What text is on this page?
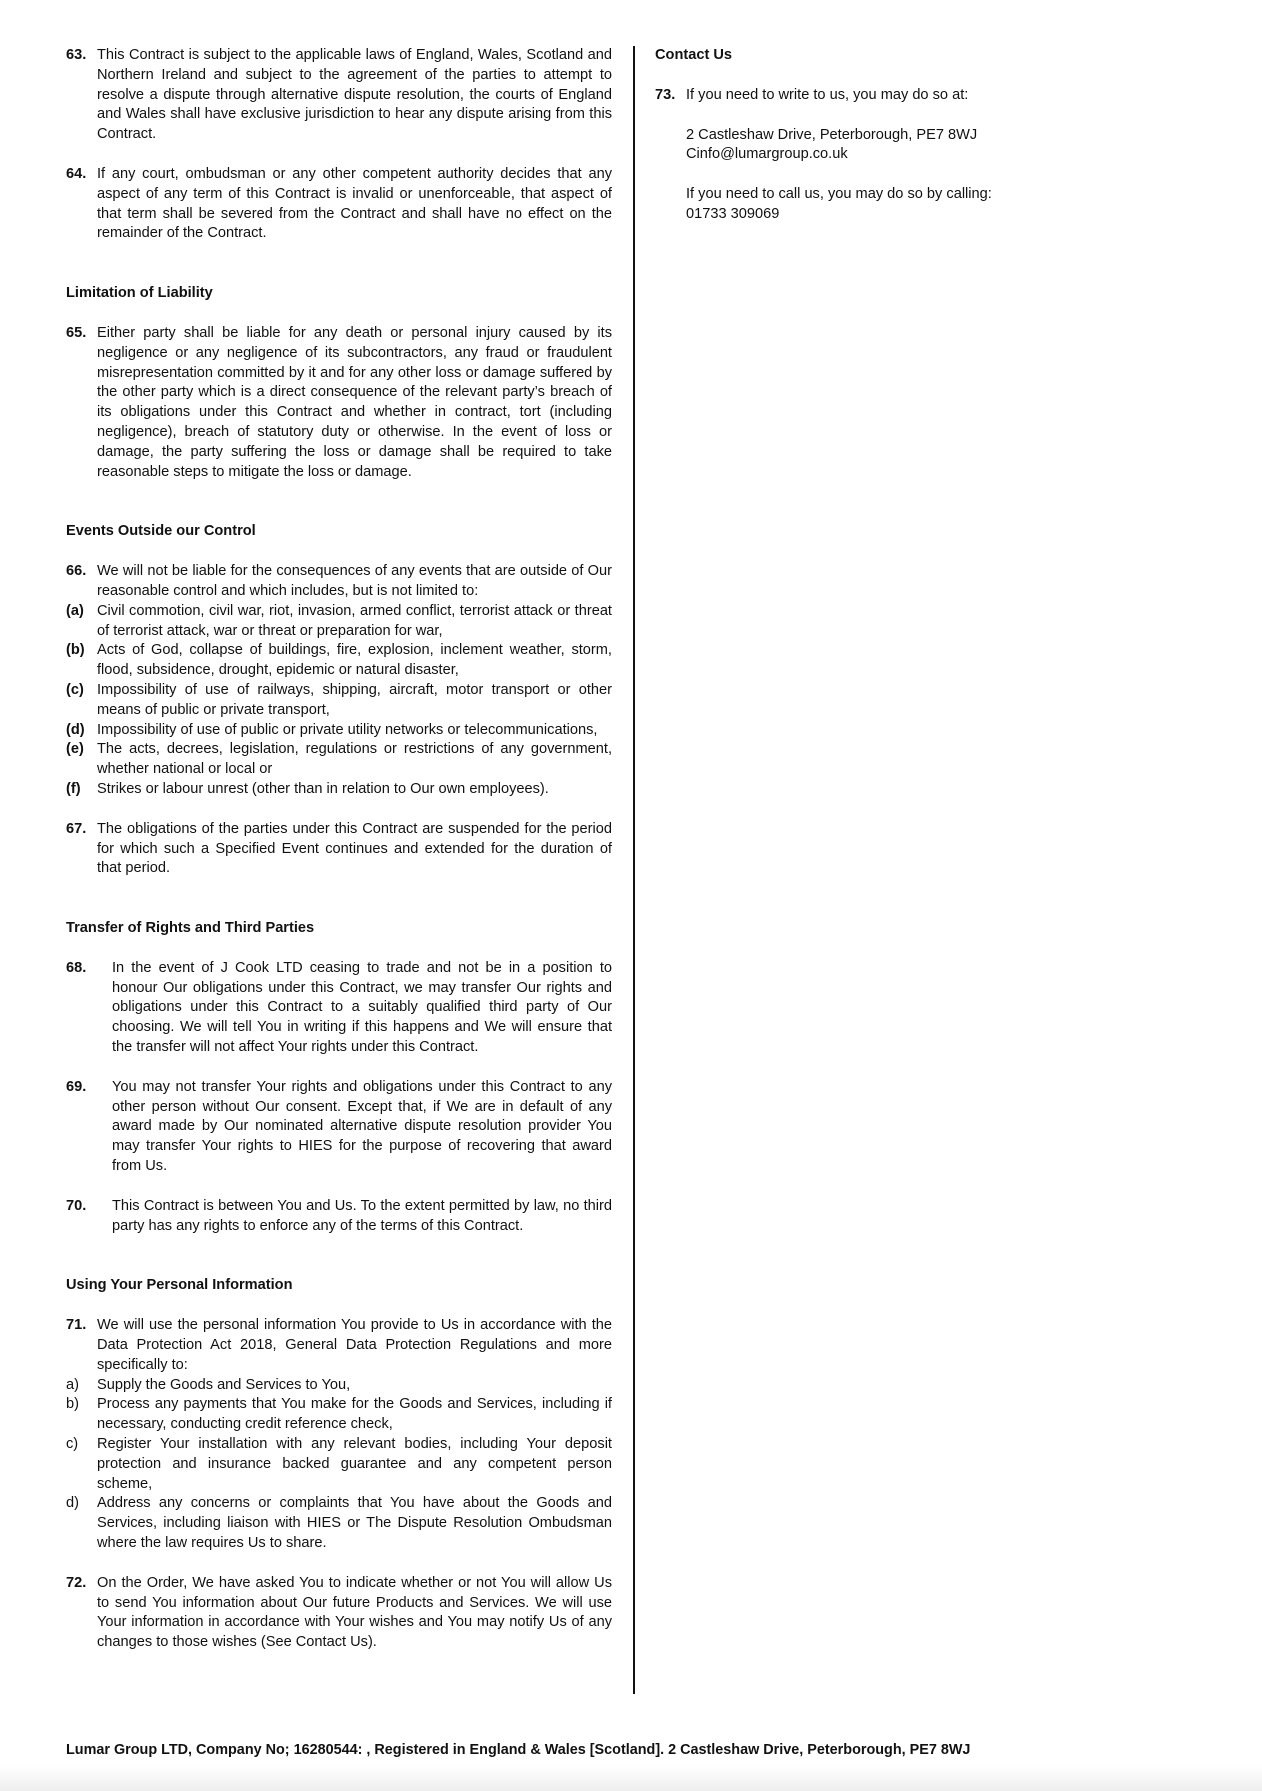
63. This Contract is subject to the applicable laws of England, Wales, Scotland and Northern Ireland and subject to the agreement of the parties to attempt to resolve a dispute through alternative dispute resolution, the courts of England and Wales shall have exclusive jurisdiction to hear any dispute arising from this Contract.
64. If any court, ombudsman or any other competent authority decides that any aspect of any term of this Contract is invalid or unenforceable, that aspect of that term shall be severed from the Contract and shall have no effect on the remainder of the Contract.
Limitation of Liability
65. Either party shall be liable for any death or personal injury caused by its negligence or any negligence of its subcontractors, any fraud or fraudulent misrepresentation committed by it and for any other loss or damage suffered by the other party which is a direct consequence of the relevant party’s breach of its obligations under this Contract and whether in contract, tort (including negligence), breach of statutory duty or otherwise. In the event of loss or damage, the party suffering the loss or damage shall be required to take reasonable steps to mitigate the loss or damage.
Events Outside our Control
66. We will not be liable for the consequences of any events that are outside of Our reasonable control and which includes, but is not limited to:
(a) Civil commotion, civil war, riot, invasion, armed conflict, terrorist attack or threat of terrorist attack, war or threat or preparation for war,
(b) Acts of God, collapse of buildings, fire, explosion, inclement weather, storm, flood, subsidence, drought, epidemic or natural disaster,
(c) Impossibility of use of railways, shipping, aircraft, motor transport or other means of public or private transport,
(d) Impossibility of use of public or private utility networks or telecommunications,
(e) The acts, decrees, legislation, regulations or restrictions of any government, whether national or local or
(f) Strikes or labour unrest (other than in relation to Our own employees).
67. The obligations of the parties under this Contract are suspended for the period for which such a Specified Event continues and extended for the duration of that period.
Transfer of Rights and Third Parties
68. In the event of J Cook LTD ceasing to trade and not be in a position to honour Our obligations under this Contract, we may transfer Our rights and obligations under this Contract to a suitably qualified third party of Our choosing. We will tell You in writing if this happens and We will ensure that the transfer will not affect Your rights under this Contract.
69. You may not transfer Your rights and obligations under this Contract to any other person without Our consent. Except that, if We are in default of any award made by Our nominated alternative dispute resolution provider You may transfer Your rights to HIES for the purpose of recovering that award from Us.
70. This Contract is between You and Us. To the extent permitted by law, no third party has any rights to enforce any of the terms of this Contract.
Using Your Personal Information
71. We will use the personal information You provide to Us in accordance with the Data Protection Act 2018, General Data Protection Regulations and more specifically to:
a) Supply the Goods and Services to You,
b) Process any payments that You make for the Goods and Services, including if necessary, conducting credit reference check,
c) Register Your installation with any relevant bodies, including Your deposit protection and insurance backed guarantee and any competent person scheme,
d) Address any concerns or complaints that You have about the Goods and Services, including liaison with HIES or The Dispute Resolution Ombudsman where the law requires Us to share.
72. On the Order, We have asked You to indicate whether or not You will allow Us to send You information about Our future Products and Services. We will use Your information in accordance with Your wishes and You may notify Us of any changes to those wishes (See Contact Us).
Contact Us
73. If you need to write to us, you may do so at:
2 Castleshaw Drive, Peterborough, PE7 8WJ
Cinfo@lumargroup.co.uk
If you need to call us, you may do so by calling:
01733 309069
Lumar Group LTD, Company No; 16280544: , Registered in England & Wales [Scotland]. 2 Castleshaw Drive, Peterborough, PE7 8WJ
